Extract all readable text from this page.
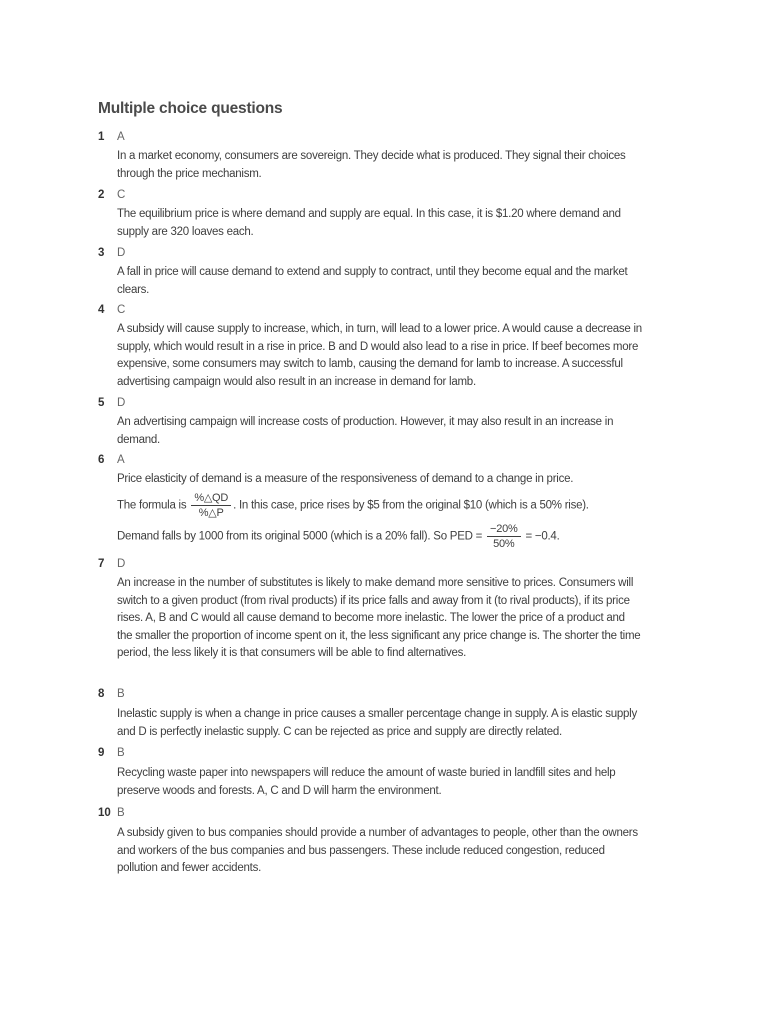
Multiple choice questions
1 A

In a market economy, consumers are sovereign. They decide what is produced. They signal their choices through the price mechanism.

2 C

The equilibrium price is where demand and supply are equal. In this case, it is $1.20 where demand and supply are 320 loaves each.

3 D

A fall in price will cause demand to extend and supply to contract, until they become equal and the market clears.

4 C

A subsidy will cause supply to increase, which, in turn, will lead to a lower price. A would cause a decrease in supply, which would result in a rise in price. B and D would also lead to a rise in price. If beef becomes more expensive, some consumers may switch to lamb, causing the demand for lamb to increase. A successful advertising campaign would also result in an increase in demand for lamb.

5 D

An advertising campaign will increase costs of production. However, it may also result in an increase in demand.

6 A
Price elasticity of demand is a measure of the responsiveness of demand to a change in price.
The formula is $\frac{\%\triangle QD}{\%\triangle P}$ . In this case, price rises by $5 from the original $10 (which is a 50% rise).
Demand falls by 1000 from its original 5000 (which is a 20% fall). So PED = $\frac{-20\%}{50\%} = -0.4$.
7 D

An increase in the number of substitutes is likely to make demand more sensitive to prices. Consumers will switch to a given product (from rival products) if its price falls and away from it (to rival products), if its price rises. A, B and C would all cause demand to become more inelastic. The lower the price of a product and the smaller the proportion of income spent on it, the less significant any price change is. The shorter the time period, the less likely it is that consumers will be able to find alternatives.

8 B

Inelastic supply is when a change in price causes a smaller percentage change in supply. A is elastic supply and D is perfectly inelastic supply. C can be rejected as price and supply are directly related.

9 B

Recycling waste paper into newspapers will reduce the amount of waste buried in landfill sites and help preserve woods and forests. A, C and D will harm the environment.

10 B

A subsidy given to bus companies should provide a number of advantages to people, other than the owners and workers of the bus companies and bus passengers. These include reduced congestion, reduced pollution and fewer accidents.
